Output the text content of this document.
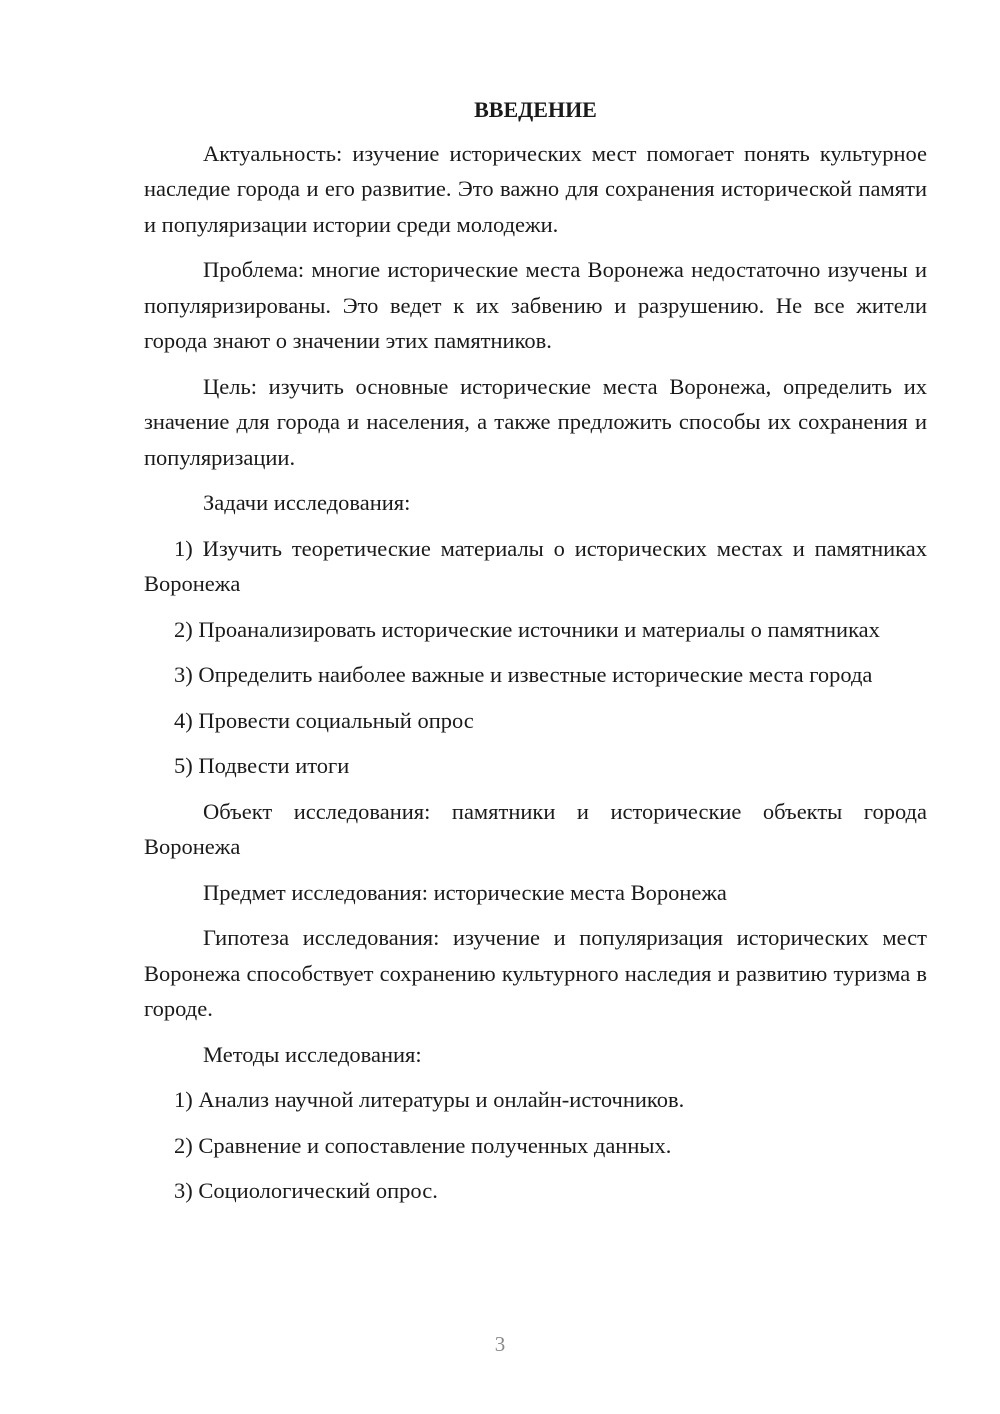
ВВЕДЕНИЕ

Актуальность: изучение исторических мест помогает понять культурное наследие города и его развитие. Это важно для сохранения исторической памяти и популяризации истории среди молодежи.

Проблема: многие исторические места Воронежа недостаточно изучены и популяризированы. Это ведет к их забвению и разрушению. Не все жители города знают о значении этих памятников.

Цель: изучить основные исторические места Воронежа, определить их значение для города и населения, а также предложить способы их сохранения и популяризации.

Задачи исследования:

1) Изучить теоретические материалы о исторических местах и памятниках Воронежа

2) Проанализировать исторические источники и материалы о памятниках

3) Определить наиболее важные и известные исторические места города

4) Провести социальный опрос

5) Подвести итоги

Объект исследования: памятники и исторические объекты города Воронежа

Предмет исследования: исторические места Воронежа

Гипотеза исследования: изучение и популяризация исторических мест Воронежа способствует сохранению культурного наследия и развитию туризма в городе.

Методы исследования:

1) Анализ научной литературы и онлайн-источников.

2) Сравнение и сопоставление полученных данных.

3) Социологический опрос.

3
